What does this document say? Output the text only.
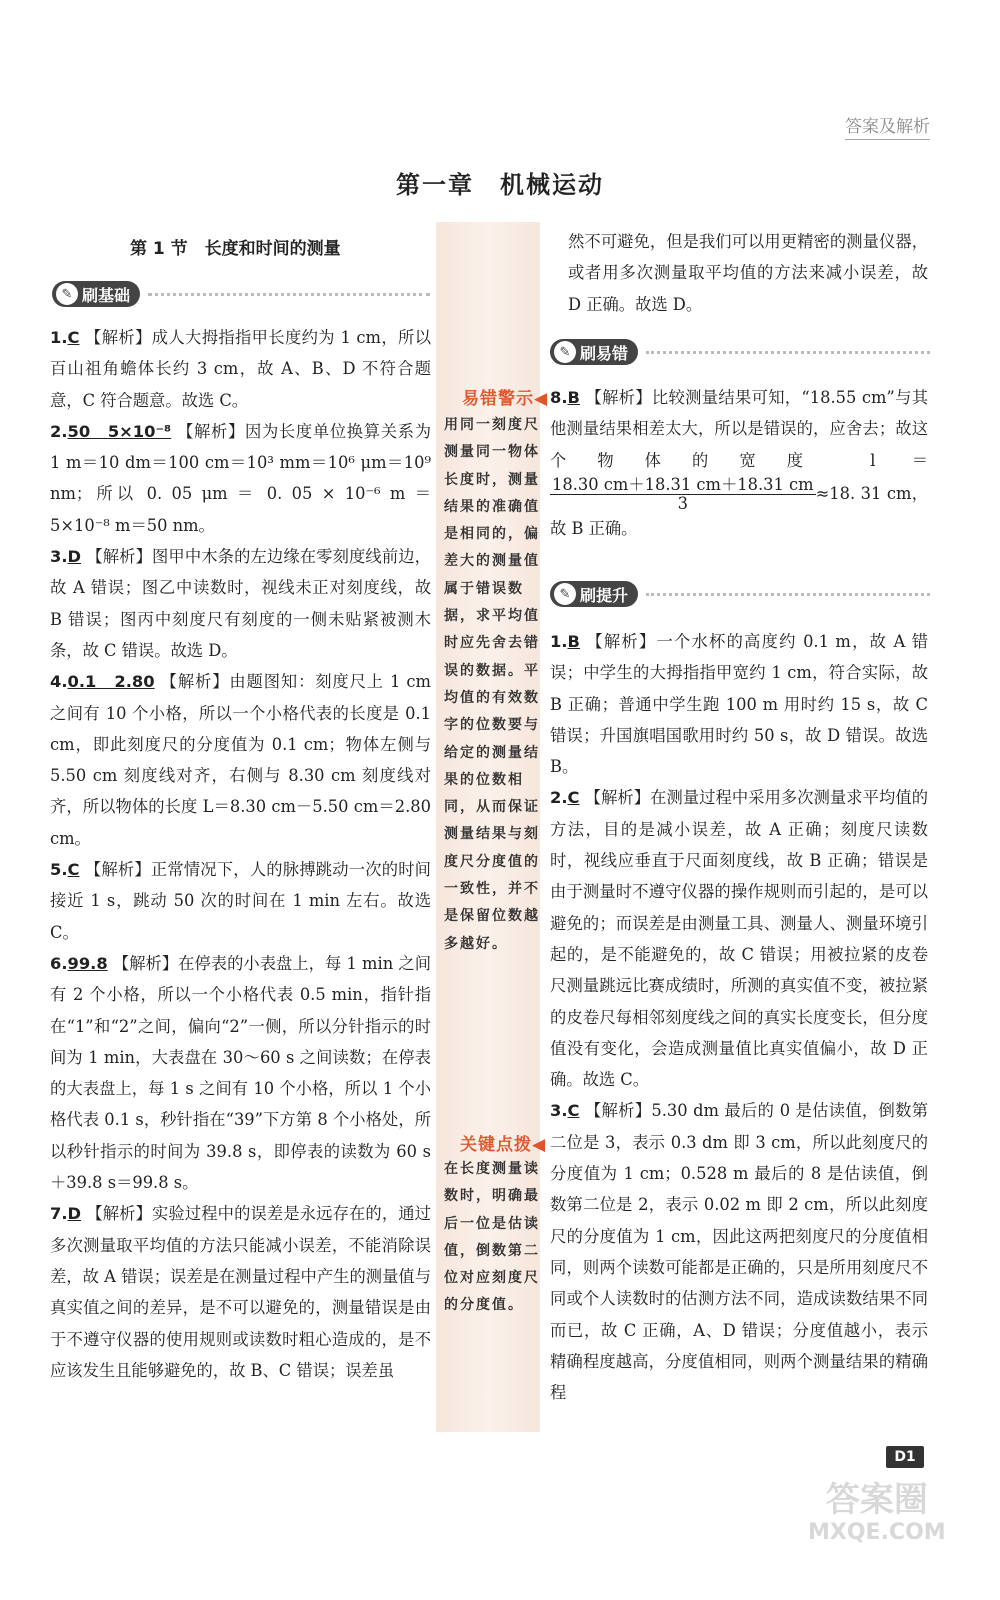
答案及解析
第一章　机械运动
第 1 节　长度和时间的测量
易错警示◀
用同一刻度尺测量同一物体长度时，测量结果的准确值是相同的，偏差大的测量值属于错误数据，求平均值时应先舍去错误的数据。平均值的有效数字的位数要与给定的测量结果的位数相同，从而保证测量结果与刻度尺分度值的一致性，并不是保留位数越多越好。
关键点拨◀
在长度测量读数时，明确最后一位是估读值，倒数第二位对应刻度尺的分度值。
✎ 刷基础

1.C 【解析】成人大拇指指甲长度约为 1 cm，所以百山祖角蟾体长约 3 cm，故 A、B、D 不符合题意，C 符合题意。故选 C。

2.50　5×10⁻⁸ 【解析】因为长度单位换算关系为 1 m＝10 dm＝100 cm＝10³ mm＝10⁶ μm＝10⁹ nm；所以 0. 05 μm ＝ 0. 05 × 10⁻⁶ m ＝ 5×10⁻⁸ m＝50 nm。

3.D 【解析】图甲中木条的左边缘在零刻度线前边，故 A 错误；图乙中读数时，视线未正对刻度线，故 B 错误；图丙中刻度尺有刻度的一侧未贴紧被测木条，故 C 错误。故选 D。

4.0.1　2.80 【解析】由题图知：刻度尺上 1 cm 之间有 10 个小格，所以一个小格代表的长度是 0.1 cm，即此刻度尺的分度值为 0.1 cm；物体左侧与 5.50 cm 刻度线对齐，右侧与 8.30 cm 刻度线对齐，所以物体的长度 L＝8.30 cm－5.50 cm＝2.80 cm。

5.C 【解析】正常情况下，人的脉搏跳动一次的时间接近 1 s，跳动 50 次的时间在 1 min 左右。故选 C。

6.99.8 【解析】在停表的小表盘上，每 1 min 之间有 2 个小格，所以一个小格代表 0.5 min，指针指在“1”和“2”之间，偏向“2”一侧，所以分针指示的时间为 1 min，大表盘在 30～60 s 之间读数；在停表的大表盘上，每 1 s 之间有 10 个小格，所以 1 个小格代表 0.1 s，秒针指在“39”下方第 8 个小格处，所以秒针指示的时间为 39.8 s，即停表的读数为 60 s＋39.8 s＝99.8 s。

7.D 【解析】实验过程中的误差是永远存在的，通过多次测量取平均值的方法只能减小误差，不能消除误差，故 A 错误；误差是在测量过程中产生的测量值与真实值之间的差异，是不可以避免的，测量错误是由于不遵守仪器的使用规则或读数时粗心造成的，是不应该发生且能够避免的，故 B、C 错误；误差虽

然不可避免，但是我们可以用更精密的测量仪器，或者用多次测量取平均值的方法来减小误差，故 D 正确。故选 D。

✎ 刷易错

8.B 【解析】比较测量结果可知，“18.55 cm”与其他测量结果相差太大，所以是错误的，应舍去；故这个物体的宽度 l ＝
$\frac{18.30 cm+18.31 cm+18.31 cm}{3} \approx 18$. 31 cm，故 B 正确。

✎ 刷提升

1.B 【解析】一个水杯的高度约 0.1 m，故 A 错误；中学生的大拇指指甲宽约 1 cm，符合实际，故 B 正确；普通中学生跑 100 m 用时约 15 s，故 C 错误；升国旗唱国歌用时约 50 s，故 D 错误。故选 B。

2.C 【解析】在测量过程中采用多次测量求平均值的方法，目的是减小误差，故 A 正确；刻度尺读数时，视线应垂直于尺面刻度线，故 B 正确；错误是由于测量时不遵守仪器的操作规则而引起的，是可以避免的；而误差是由测量工具、测量人、测量环境引起的，是不能避免的，故 C 错误；用被拉紧的皮卷尺测量跳远比赛成绩时，所测的真实值不变，被拉紧的皮卷尺每相邻刻度线之间的真实长度变长，但分度值没有变化，会造成测量值比真实值偏小，故 D 正确。故选 C。

3.C 【解析】5.30 dm 最后的 0 是估读值，倒数第二位是 3，表示 0.3 dm 即 3 cm，所以此刻度尺的分度值为 1 cm；0.528 m 最后的 8 是估读值，倒数第二位是 2，表示 0.02 m 即 2 cm，所以此刻度尺的分度值为 1 cm，因此这两把刻度尺的分度值相同，则两个读数可能都是正确的，只是所用刻度尺不同或个人读数时的估测方法不同，造成读数结果不同而已，故 C 正确，A、D 错误；分度值越小，表示精确程度越高，分度值相同，则两个测量结果的精确程

D1
答案圈
MXQE.COM
